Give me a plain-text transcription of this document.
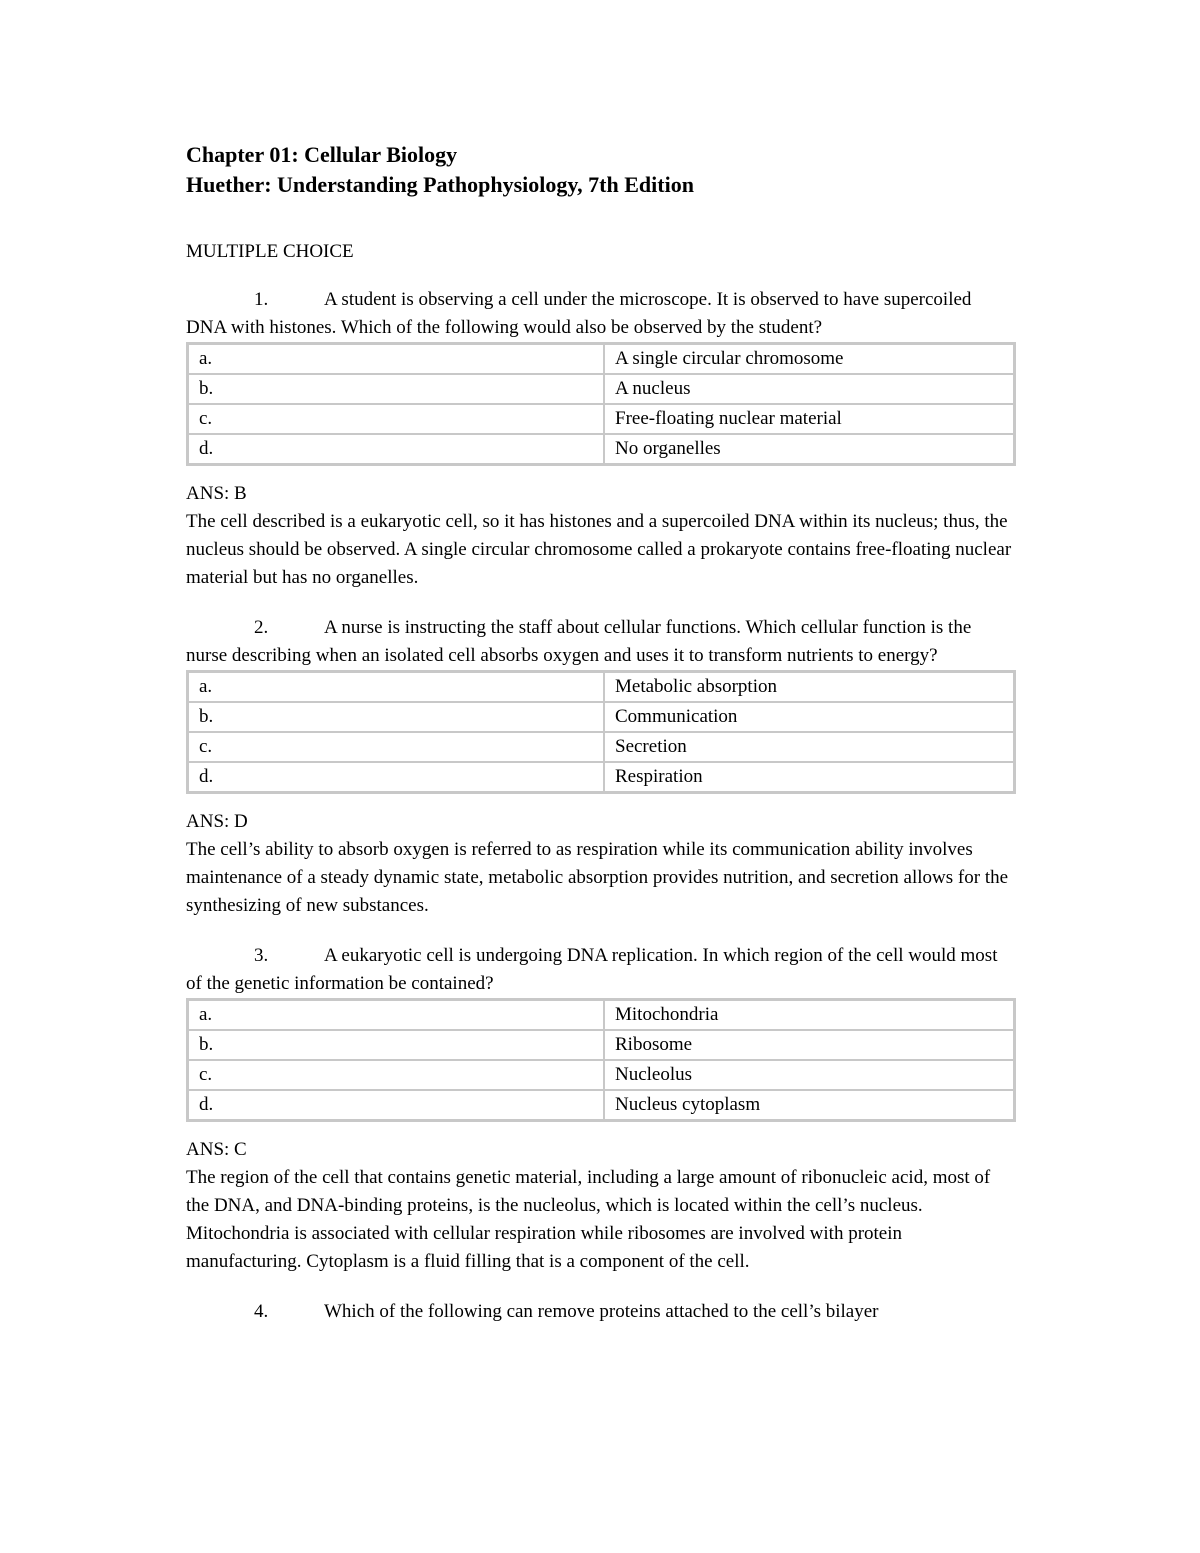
Chapter 01: Cellular Biology
Huether: Understanding Pathophysiology, 7th Edition
MULTIPLE CHOICE

1.	A student is observing a cell under the microscope. It is observed to have supercoiled DNA with histones. Which of the following would also be observed by the student?

a.	A single circular chromosome
b.	A nucleus
c.	Free-floating nuclear material
d.	No organelles

ANS: B

The cell described is a eukaryotic cell, so it has histones and a supercoiled DNA within its nucleus; thus, the nucleus should be observed. A single circular chromosome called a prokaryote contains free-floating nuclear material but has no organelles.

2.	A nurse is instructing the staff about cellular functions. Which cellular function is the nurse describing when an isolated cell absorbs oxygen and uses it to transform nutrients to energy?

a.	Metabolic absorption
b.	Communication
c.	Secretion
d.	Respiration

ANS: D

The cell’s ability to absorb oxygen is referred to as respiration while its communication ability involves maintenance of a steady dynamic state, metabolic absorption provides nutrition, and secretion allows for the synthesizing of new substances.

3.	A eukaryotic cell is undergoing DNA replication. In which region of the cell would most of the genetic information be contained?

a.	Mitochondria
b.	Ribosome
c.	Nucleolus
d.	Nucleus cytoplasm

ANS: C

The region of the cell that contains genetic material, including a large amount of ribonucleic acid, most of the DNA, and DNA-binding proteins, is the nucleolus, which is located within the cell’s nucleus. Mitochondria is associated with cellular respiration while ribosomes are involved with protein manufacturing. Cytoplasm is a fluid filling that is a component of the cell.

4.	Which of the following can remove proteins attached to the cell’s bilayer
